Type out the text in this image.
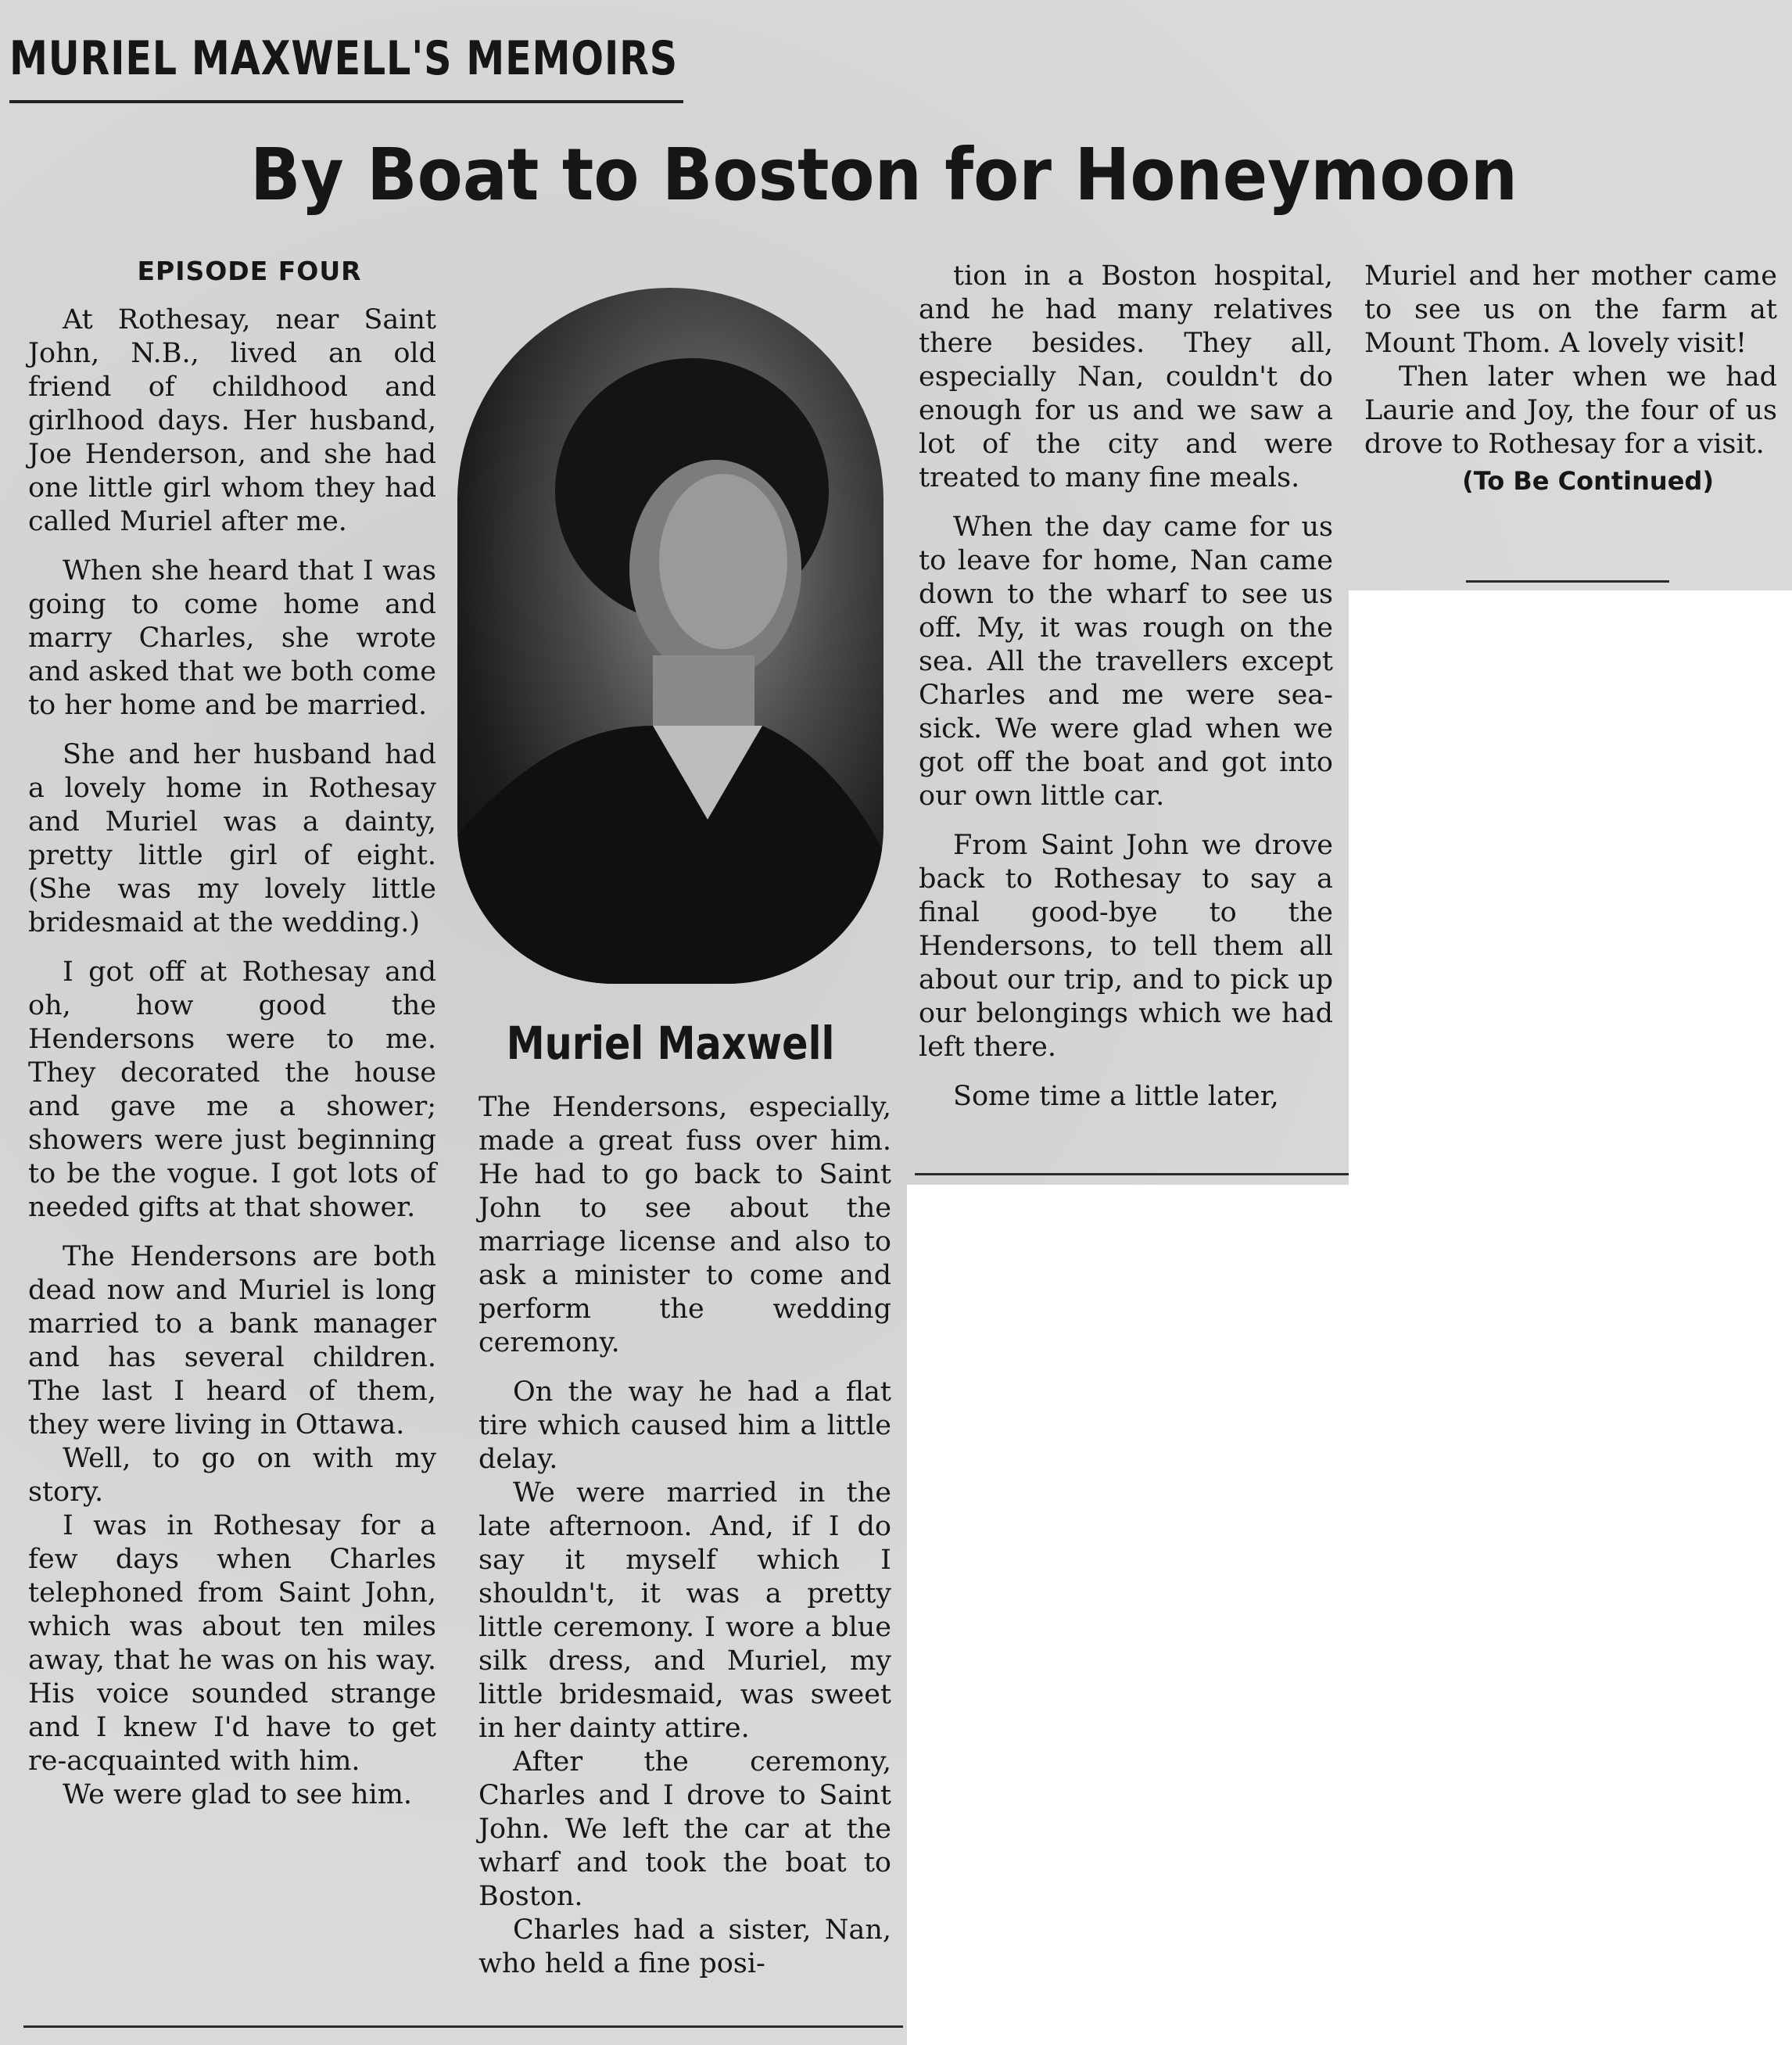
MURIEL MAXWELL'S MEMOIRS
By Boat to Boston for Honeymoon

EPISODE FOUR

At Rothesay, near Saint John, N.B., lived an old friend of childhood and girlhood days. Her husband, Joe Henderson, and she had one little girl whom they had called Muriel after me.

When she heard that I was going to come home and marry Charles, she wrote and asked that we both come to her home and be married.

She and her husband had a lovely home in Rothesay and Muriel was a dainty, pretty little girl of eight. (She was my lovely little bridesmaid at the wedding.)

I got off at Rothesay and oh, how good the Hendersons were to me. They decorated the house and gave me a shower; showers were just beginning to be the vogue. I got lots of needed gifts at that shower.

The Hendersons are both dead now and Muriel is long married to a bank manager and has several children. The last I heard of them, they were living in Ottawa.

Well, to go on with my story.

I was in Rothesay for a few days when Charles telephoned from Saint John, which was about ten miles away, that he was on his way. His voice sounded strange and I knew I'd have to get re-acquainted with him.

We were glad to see him.

Muriel Maxwell

The Hendersons, especially, made a great fuss over him. He had to go back to Saint John to see about the marriage license and also to ask a minister to come and perform the wedding ceremony.

On the way he had a flat tire which caused him a little delay.

We were married in the late afternoon. And, if I do say it myself which I shouldn't, it was a pretty little ceremony. I wore a blue silk dress, and Muriel, my little bridesmaid, was sweet in her dainty attire.

After the ceremony, Charles and I drove to Saint John. We left the car at the wharf and took the boat to Boston.

Charles had a sister, Nan, who held a fine posi-

tion in a Boston hospital, and he had many relatives there besides. They all, especially Nan, couldn't do enough for us and we saw a lot of the city and were treated to many fine meals.

When the day came for us to leave for home, Nan came down to the wharf to see us off. My, it was rough on the sea. All the travellers except Charles and me were sea-sick. We were glad when we got off the boat and got into our own little car.

From Saint John we drove back to Rothesay to say a final good-bye to the Hendersons, to tell them all about our trip, and to pick up our belongings which we had left there.

Some time a little later,

Muriel and her mother came to see us on the farm at Mount Thom. A lovely visit!

Then later when we had Laurie and Joy, the four of us drove to Rothesay for a visit.

(To Be Continued)
